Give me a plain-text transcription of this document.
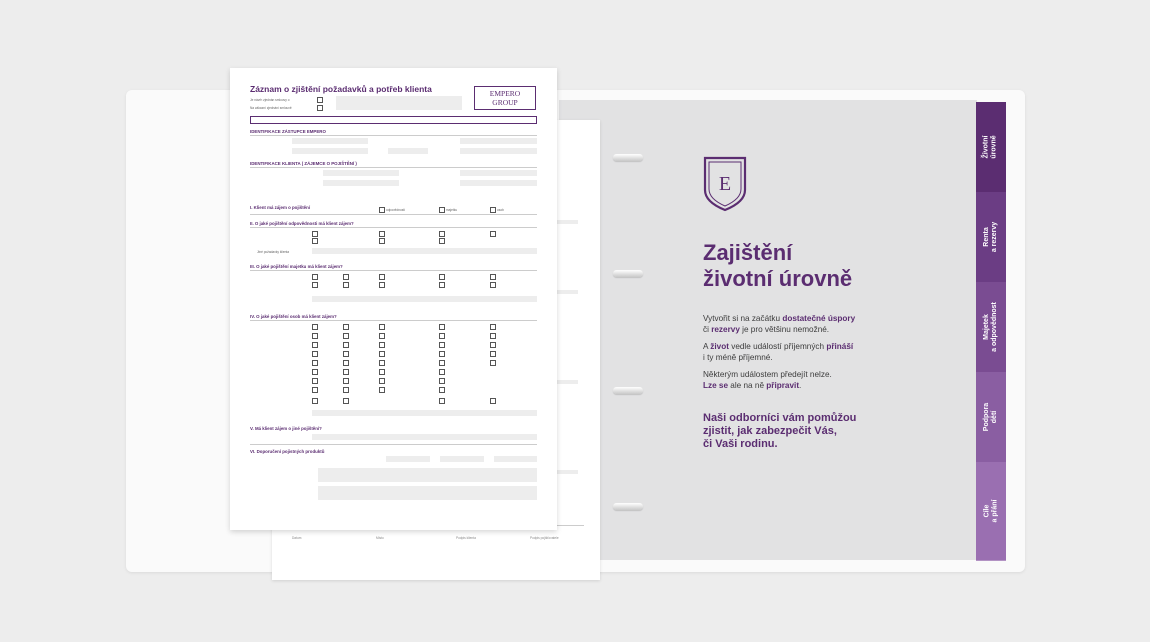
Životní
úrovně
Renta
a rezervy
Majetek
a odpovědnost
Podpora
dětí
Cíle
a přání
E
Zajištění
životní úrovně
Vytvořit si na začátku dostatečné úspory
či rezervy je pro většinu nemožné.
A život vedle událostí příjemných přináší
i ty méně příjemné.
Některým událostem předejít nelze.
Lze se ale na ně připravit.
Naši odborníci vám pomůžou
zjistit, jak zabezpečit Vás,
či Vaši rodinu.
Datum	Místo	Podpis klienta	Podpis pojišťovatele
Záznam o zjištění požadavků a potřeb klienta	EMPERO
GROUP
Je návrh zjednán smlouvy o
Na zákazní zjednání smlouvě
IDENTIFIKACE ZÁSTUPCE EMPERO
IDENTIFIKACE KLIENTA ( ZÁJEMCE O POJIŠTĚNÍ )
I. Klient má zájem o pojištění	odpovědnosti	majetku	osob
II. O jaké pojištění odpovědnosti má klient zájem?
Jiné požadavky klienta
III. O jaké pojištění majetku má klient zájem?
IV. O jaké pojištění osob má klient zájem?
V. Má klient zájem o jiné pojištění?
VI. Doporučení pojistných produktů
